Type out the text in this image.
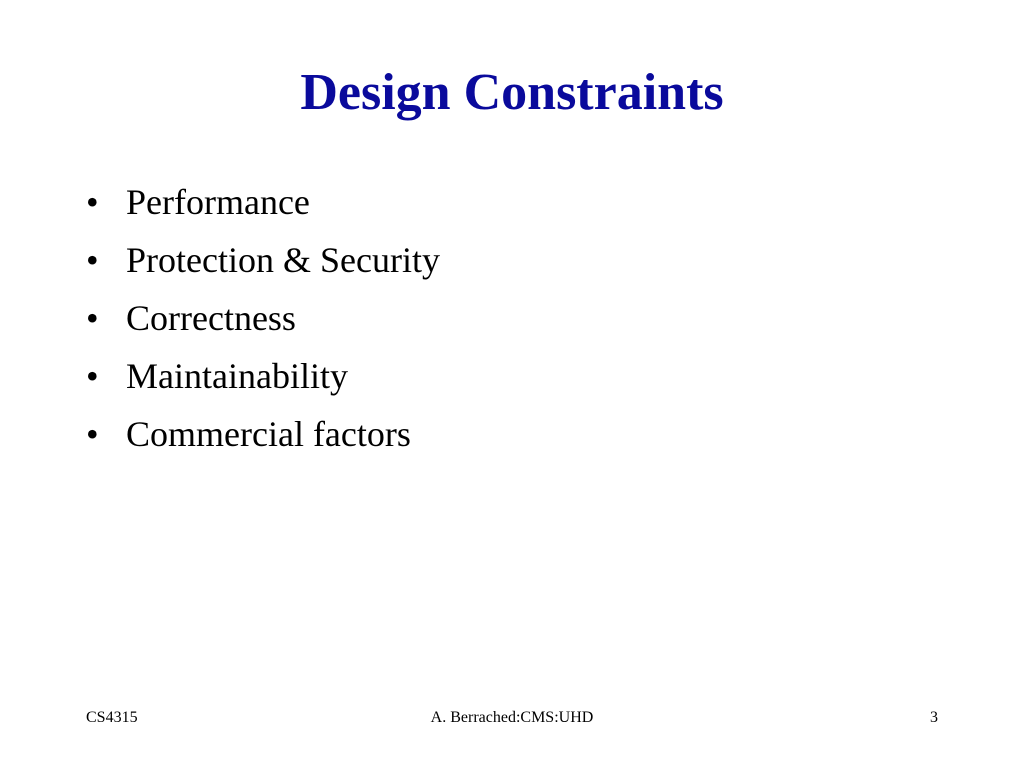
Design Constraints
• Performance
• Protection & Security
• Correctness
• Maintainability
• Commercial factors
CS4315	A. Berrached:CMS:UHD	3
